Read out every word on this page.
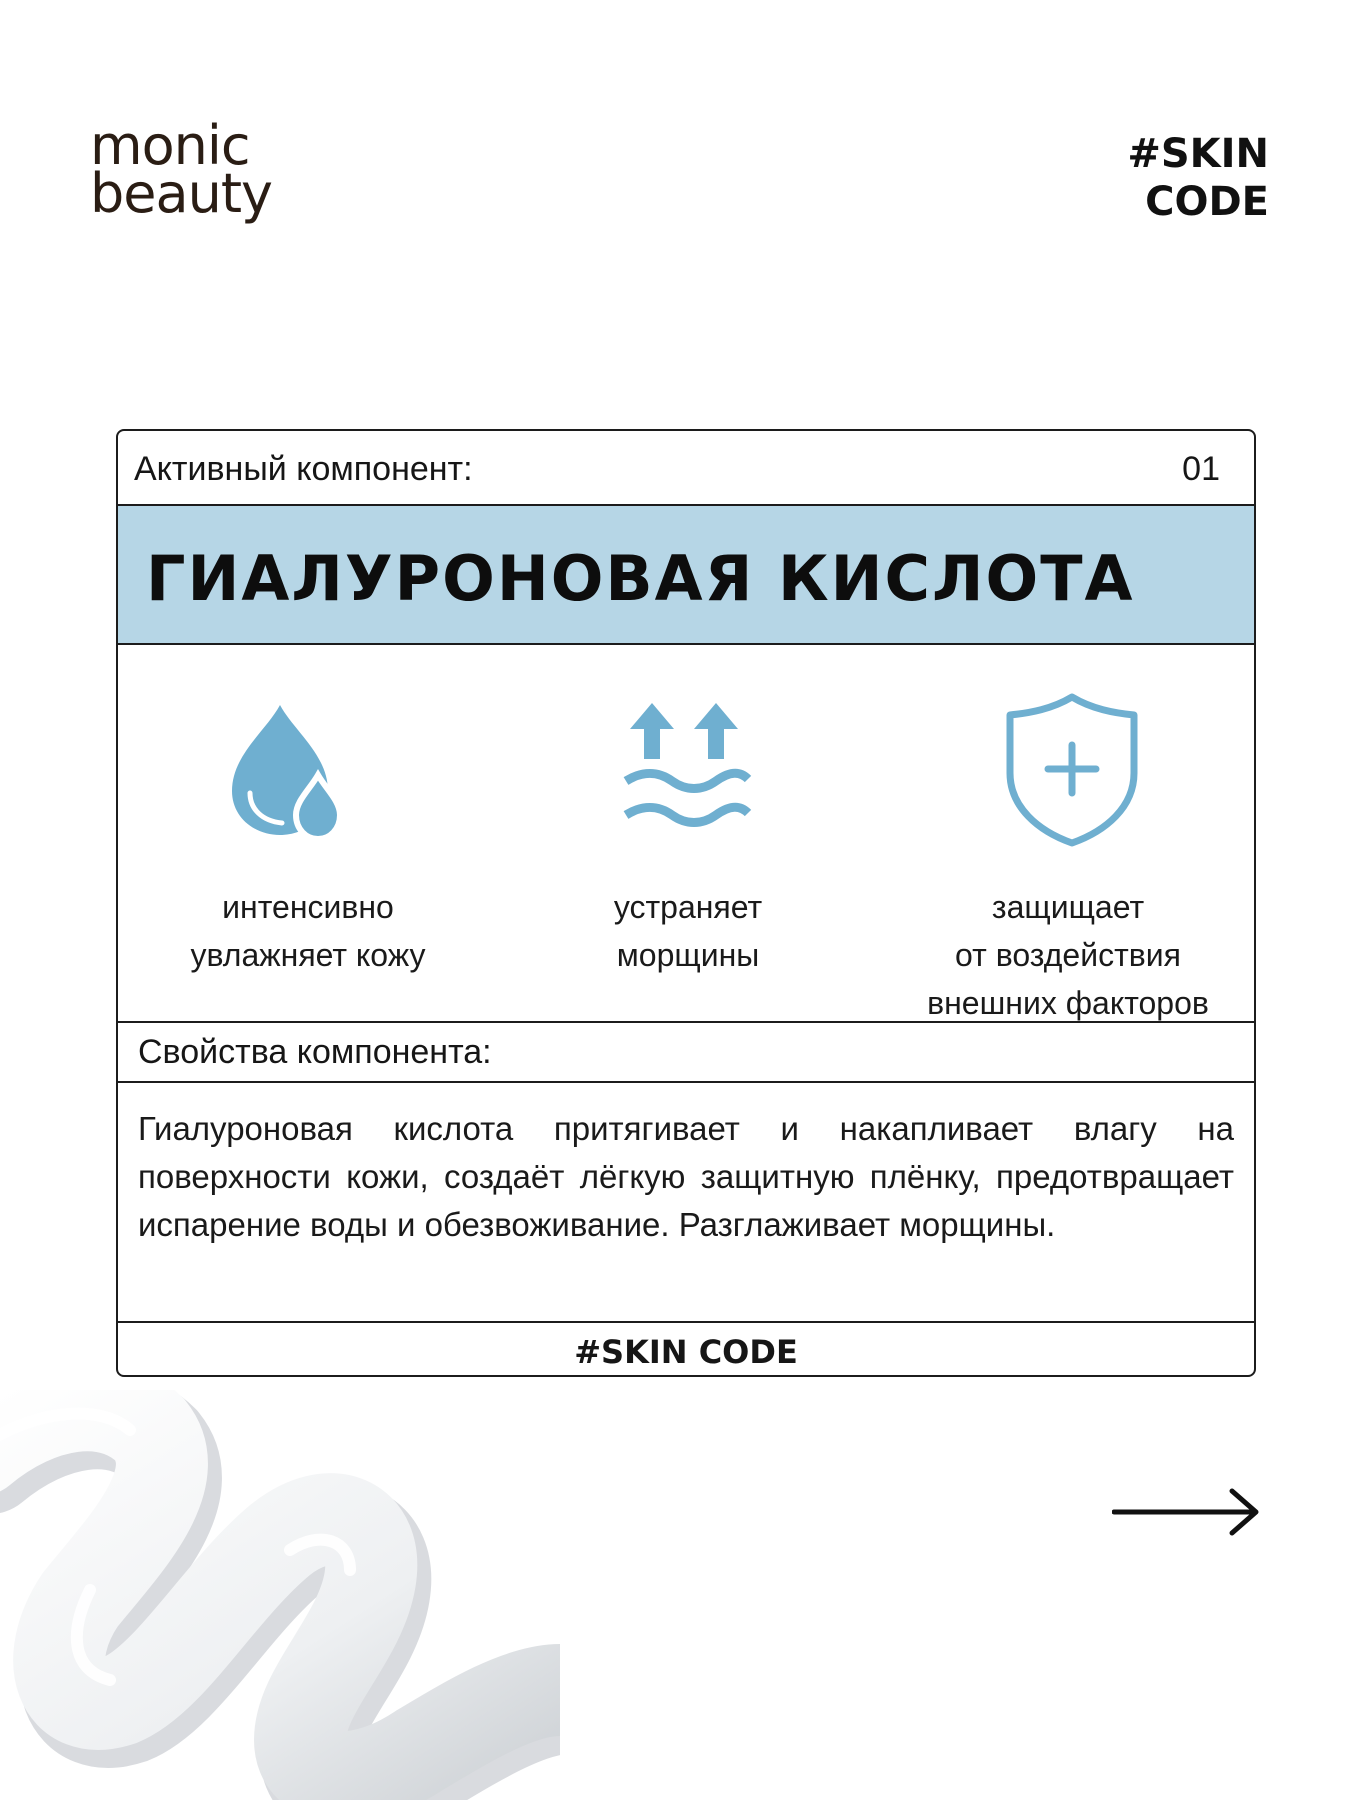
monic
beauty
#SKIN
CODE
Активный компонент:	01
ГИАЛУРОНОВАЯ КИСЛОТА
интенсивно
увлажняет кожу
устраняет
морщины
защищает
от воздействия
внешних факторов
Свойства компонента:
Гиалуроновая кислота притягивает и накапливает влагу на поверхности кожи, создаёт лёгкую защитную плёнку, предотвращает испарение воды и обезвоживание. Разглаживает морщины.
#SKIN CODE
